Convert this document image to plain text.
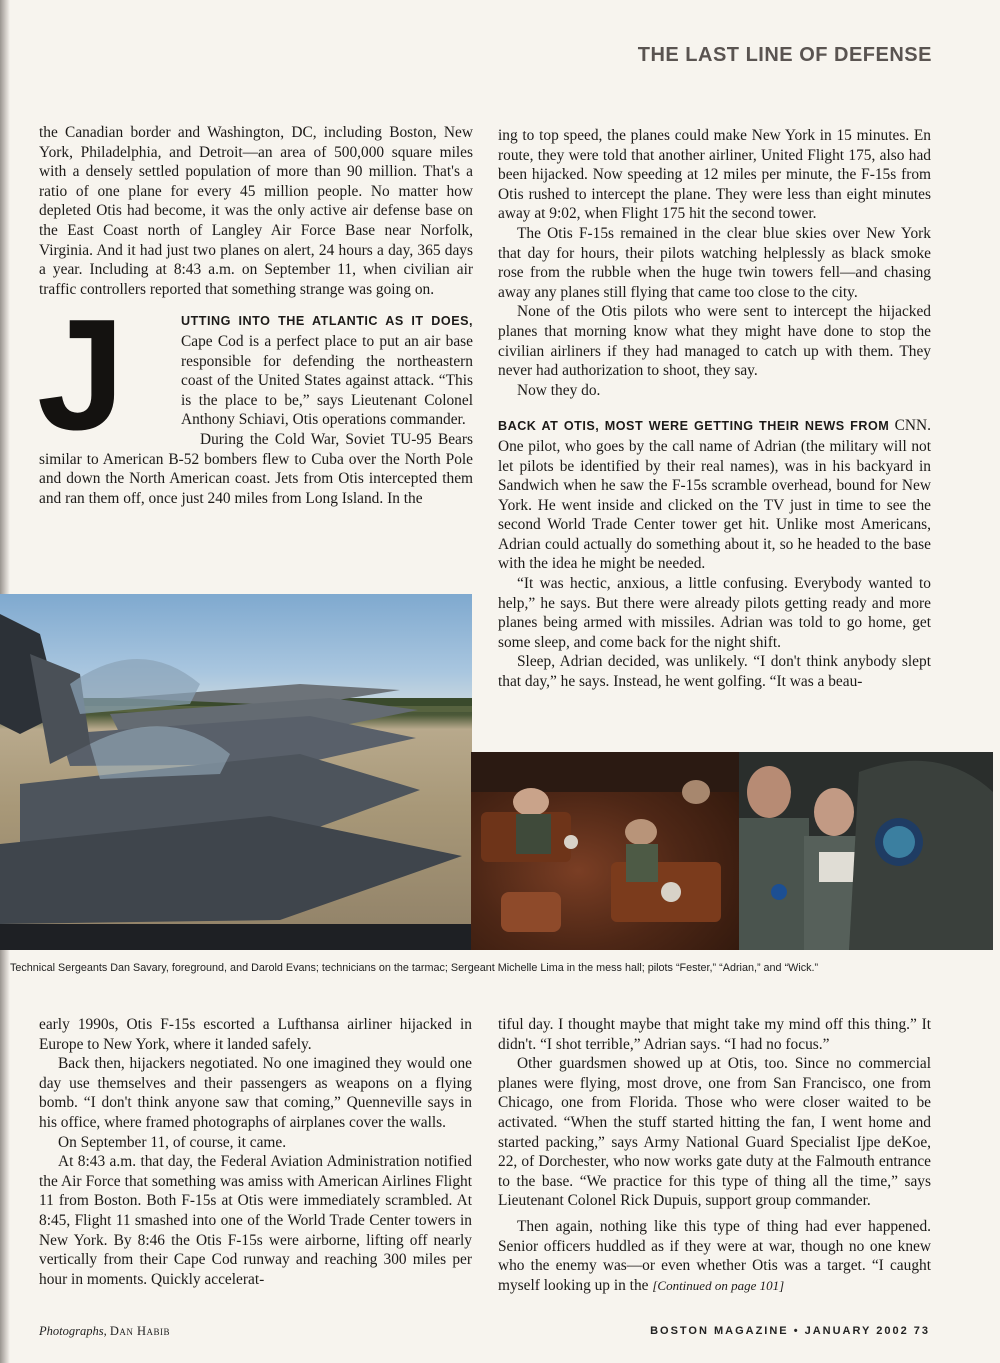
THE LAST LINE OF DEFENSE

the Canadian border and Washington, DC, including Boston, New York, Philadelphia, and Detroit—an area of 500,000 square miles with a densely settled population of more than 90 million. That's a ratio of one plane for every 45 million people. No matter how depleted Otis had become, it was the only active air defense base on the East Coast north of Langley Air Force Base near Norfolk, Virginia. And it had just two planes on alert, 24 hours a day, 365 days a year. Including at 8:43 a.m. on September 11, when civilian air traffic controllers reported that something strange was going on.

J	UTTING INTO THE ATLANTIC AS IT DOES, Cape Cod is a perfect place to put an air base responsible for defending the northeastern coast of the United States against attack. “This is the place to be,” says Lieutenant Colonel Anthony Schiavi, Otis operations commander.

During the Cold War, Soviet TU-95 Bears similar to American B-52 bombers flew to Cuba over the North Pole and down the North American coast. Jets from Otis intercepted them and ran them off, once just 240 miles from Long Island. In the

ing to top speed, the planes could make New York in 15 minutes. En route, they were told that another airliner, United Flight 175, also had been hijacked. Now speeding at 12 miles per minute, the F-15s from Otis rushed to intercept the plane. They were less than eight minutes away at 9:02, when Flight 175 hit the second tower.

The Otis F-15s remained in the clear blue skies over New York that day for hours, their pilots watching helplessly as black smoke rose from the rubble when the huge twin towers fell—and chasing away any planes still flying that came too close to the city.

None of the Otis pilots who were sent to intercept the hijacked planes that morning know what they might have done to stop the civilian airliners if they had managed to catch up with them. They never had authorization to shoot, they say.

Now they do.

BACK AT OTIS, MOST WERE GETTING THEIR NEWS FROM CNN. One pilot, who goes by the call name of Adrian (the military will not let pilots be identified by their real names), was in his backyard in Sandwich when he saw the F-15s scramble overhead, bound for New York. He went inside and clicked on the TV just in time to see the second World Trade Center tower get hit. Unlike most Americans, Adrian could actually do something about it, so he headed to the base with the idea he might be needed.

“It was hectic, anxious, a little confusing. Everybody wanted to help,” he says. But there were already pilots getting ready and more planes being armed with missiles. Adrian was told to go home, get some sleep, and come back for the night shift.

Sleep, Adrian decided, was unlikely. “I don't think anybody slept that day,” he says. Instead, he went golfing. “It was a beau-

Technical Sergeants Dan Savary, foreground, and Darold Evans; technicians on the tarmac; Sergeant Michelle Lima in the mess hall; pilots “Fester,” “Adrian,” and “Wick.”

early 1990s, Otis F-15s escorted a Lufthansa airliner hijacked in Europe to New York, where it landed safely.

Back then, hijackers negotiated. No one imagined they would one day use themselves and their passengers as weapons on a flying bomb. “I don't think anyone saw that coming,” Quenneville says in his office, where framed photographs of airplanes cover the walls.

On September 11, of course, it came.

At 8:43 a.m. that day, the Federal Aviation Administration notified the Air Force that something was amiss with American Airlines Flight 11 from Boston. Both F-15s at Otis were immediately scrambled. At 8:45, Flight 11 smashed into one of the World Trade Center towers in New York. By 8:46 the Otis F-15s were airborne, lifting off nearly vertically from their Cape Cod runway and reaching 300 miles per hour in moments. Quickly accelerat-

tiful day. I thought maybe that might take my mind off this thing.” It didn't. “I shot terrible,” Adrian says. “I had no focus.”

Other guardsmen showed up at Otis, too. Since no commercial planes were flying, most drove, one from San Francisco, one from Chicago, one from Florida. Those who were closer waited to be activated. “When the stuff started hitting the fan, I went home and started packing,” says Army National Guard Specialist Ijpe deKoe, 22, of Dorchester, who now works gate duty at the Falmouth entrance to the base. “We practice for this type of thing all the time,” says Lieutenant Colonel Rick Dupuis, support group commander.

Then again, nothing like this type of thing had ever happened. Senior officers huddled as if they were at war, though no one knew who the enemy was—or even whether Otis was a target. “I caught myself looking up in the [Continued on page 101]

Photographs, Dan Habib	BOSTON MAGAZINE • JANUARY 2002 73
